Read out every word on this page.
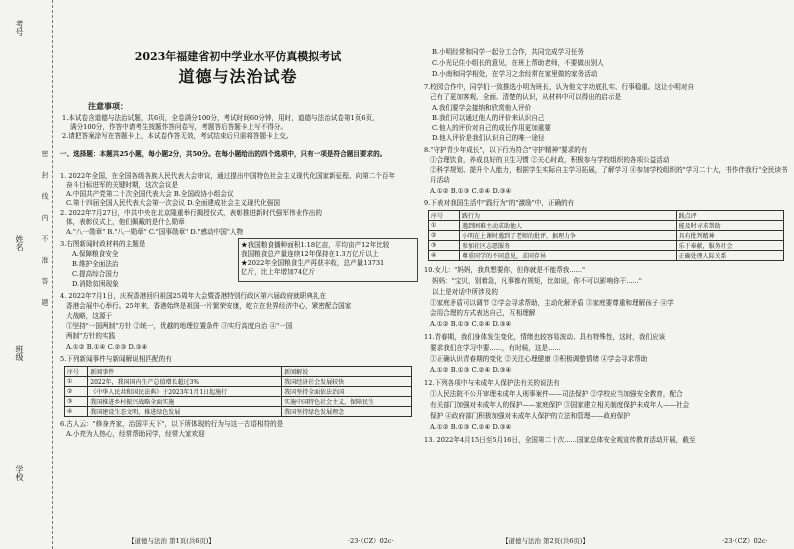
考号
姓名
班级
学校
密 封 线 内 不 准 答 题
2023年福建省初中学业水平仿真模拟考试
道德与法治试卷
注意事项：
1.本试卷含道德与法治试题，共6页，全卷满分100分，考试时间60分钟，用时，道德与法治试卷第1页6页，
满分100分，作答中请考生按题作答问卷写，考题答后答题卡上写不得分。
2.请把答案涂写在答题卡上，本试卷作答无效，考试结束后只需将答题卡上交。
一、选择题：本题共25小题，每小题2分，共50分。在每小题给出的四个选项中，只有一项是符合题目要求的。
1. 2022年全国，在全国各级各族人民代表大会审议，通过提出中国特色社会主义现代化国家新征程、向第二个百年
奋斗目标进军的关键时期，这次会议是
A.中国共产党第二十次全国代表大会 B.全国政协小组会议
C.第十四届全国人民代表大会第一次会议 D.全面建成社会主义现代化强国
2. 2022年7月27日，中共中央在北京隆重举行揭授仪式，表彰推进新时代强军伟业作出的
体，表彰仪式上，他们佩戴的是什么勋章
A."八一勋章" B."八一勋章" C."国事勋章" D."感动中国"人物
3.右图新闻时政材料的主题是
A.保障粮食安全
B.维护全面法治
C.提高综合国力
D.消除贫困现象
★我国粮食播种面积1.18亿亩，平均亩产12年比较
我国粮食总产量连续12年保持在1.3万亿斤以上
★2022年全国粮食生产再获丰收，总产量13731
亿斤，比上年增加74亿斤
4. 2022年7月1日，庆祝香港回归祖国25周年大会暨香港特别行政区第六届政府就职典礼在
香港会展中心举行。25年来，香港始终是祖国一片繁荣安康，屹立在世界经济中心，紧密配合国家
大战略，这源于
①坚持"一国两制"方针 ②统一，优越的地理位置条件 ③实行高度自治 ④"一国
两制"方针的实践
A.①② B.①④ C.②③ D.③④
5.下列新闻事件与新闻解说相匹配的有
序号	新闻事件	新闻解说
①	2022年，我国国内生产总值增长超过3%	我国经济社会发展较快
②	《中华人民共和国民法典》于2023年1月1日起施行	我国坚持全面依法治国
③	我国推进乡村振兴战略全面实施	实施中国特色社会主义，保障民生
④	我国建设生态文明，推进绿色发展	我国坚持绿色发展理念
6.古人云："修身齐家，治国平天下"，以下所体现的行为与这一古语相符的是
A.小亮为人热心，经常帮助同学，经常大家欢迎
【道德与法治 第1页(共6页)】	·23·（CZ）02c·
B.小明经常和同学一起分工合作，共同完成学习任务
C.小光记住小组长的意见，在班上帮助老师，不要做出别人
D.小南和同学相处，在学习之余经常在家里做的家务活动
7.校园合作中，同学们一致推选小明为班长，认为他文字功底扎实、行事稳重。这让小明对自
己有了更加客观、全面、清楚的认识，从材料中可以得出的启示是
A.我们要学会接纳和欣赏他人评价
B.我们可以通过他人的评价来认识自己
C.他人的评价对自己的成长作用更加重要
D.他人评价是我们认识自己的唯一途径
8."守护青少年成长"，以下行为符合"守护精神"要求的有
①合理饮食，养成良好的卫生习惯 ②关心时政，积极参与学校组织的各项公益活动
②科学规划、提升个人能力，根据学生实际自主学习拓展，了解学习 ④参加学校组织的"学习二十大，书作伴我行"全民读书
月活动
A.①② B.①③ C.②④ D.③④
9.下表对我国生活中"践行为"的"激励"中，正确的有
序号	践行为	践点评
①	遇到困难主动求助他人	能及时寻求帮助
②	小明在上课时遇到了老师的批评，据理力争	具有批判精神
③	参加社区志愿服务	乐于奉献，服务社会
④	尊重同学的不同意见，求同存异	正确处理人际关系
10.女儿："妈妈，我真想要你，但你就是不能帮我......"
妈妈："宝贝，别着急，凡事都有规矩，比如说，你不可以影响你干......"
以上是对话中所涉及的
①家庭矛盾可以调节 ②学会寻求帮助，主动化解矛盾 ③家庭要尊重和理解孩子 ④学
会用合理的方式表达自己，互相理解
A.①② B.①③ C.②④ D.③④
11.青春期，我们身体发生变化，情绪也较容易波动、具有特殊性，这时，我们应该
要求我们在学习中要......，有时候，这是......
①正确认识青春期的变化 ②关注心理健康 ③积极调整情绪 ④学会寻求帮助
A.①② B.①③ C.②④ D.③④
12.下列各项中与未成年人保护法有关的说法有
①人民法院不公开审理未成年人刑事案件——司法保护 ②学校应当加强安全教育，配合
有关部门加强对未成年人的保护——家庭保护 ③国家建立相关制度保护未成年人——社会
保护 ④政府部门积极加强对未成年人保护的立法和管理——政府保护
A.①② B.①③ C.②④ D.③④
13. 2022年4月15日至5月16日，全国第二十次......国家总体安全观宣传教育活动开展，截至
【道德与法治 第2页(共6页)】	·23·（CZ）02c·
